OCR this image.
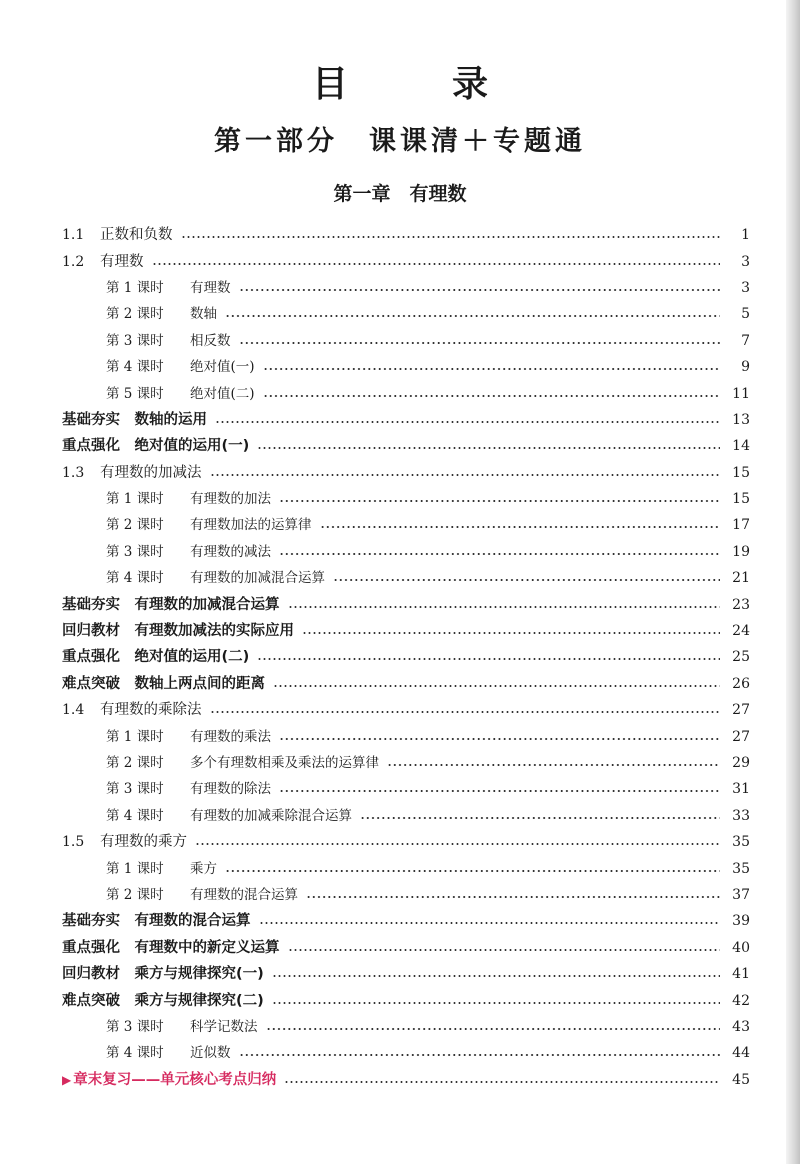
目　录
第一部分　课课清＋专题通
第一章　有理数
1.1	正数和负数	1
1.2	有理数	3
第 1 课时	有理数	3
第 2 课时	数轴	5
第 3 课时	相反数	7
第 4 课时	绝对值(一)	9
第 5 课时	绝对值(二)	11
基础夯实　数轴的运用	13
重点强化　绝对值的运用(一)	14
1.3	有理数的加减法	15
第 1 课时	有理数的加法	15
第 2 课时	有理数加法的运算律	17
第 3 课时	有理数的减法	19
第 4 课时	有理数的加减混合运算	21
基础夯实　有理数的加减混合运算	23
回归教材　有理数加减法的实际应用	24
重点强化　绝对值的运用(二)	25
难点突破　数轴上两点间的距离	26
1.4	有理数的乘除法	27
第 1 课时	有理数的乘法	27
第 2 课时	多个有理数相乘及乘法的运算律	29
第 3 课时	有理数的除法	31
第 4 课时	有理数的加减乘除混合运算	33
1.5	有理数的乘方	35
第 1 课时	乘方	35
第 2 课时	有理数的混合运算	37
基础夯实　有理数的混合运算	39
重点强化　有理数中的新定义运算	40
回归教材　乘方与规律探究(一)	41
难点突破　乘方与规律探究(二)	42
第 3 课时	科学记数法	43
第 4 课时	近似数	44
▶ 章末复习——单元核心考点归纳	45
